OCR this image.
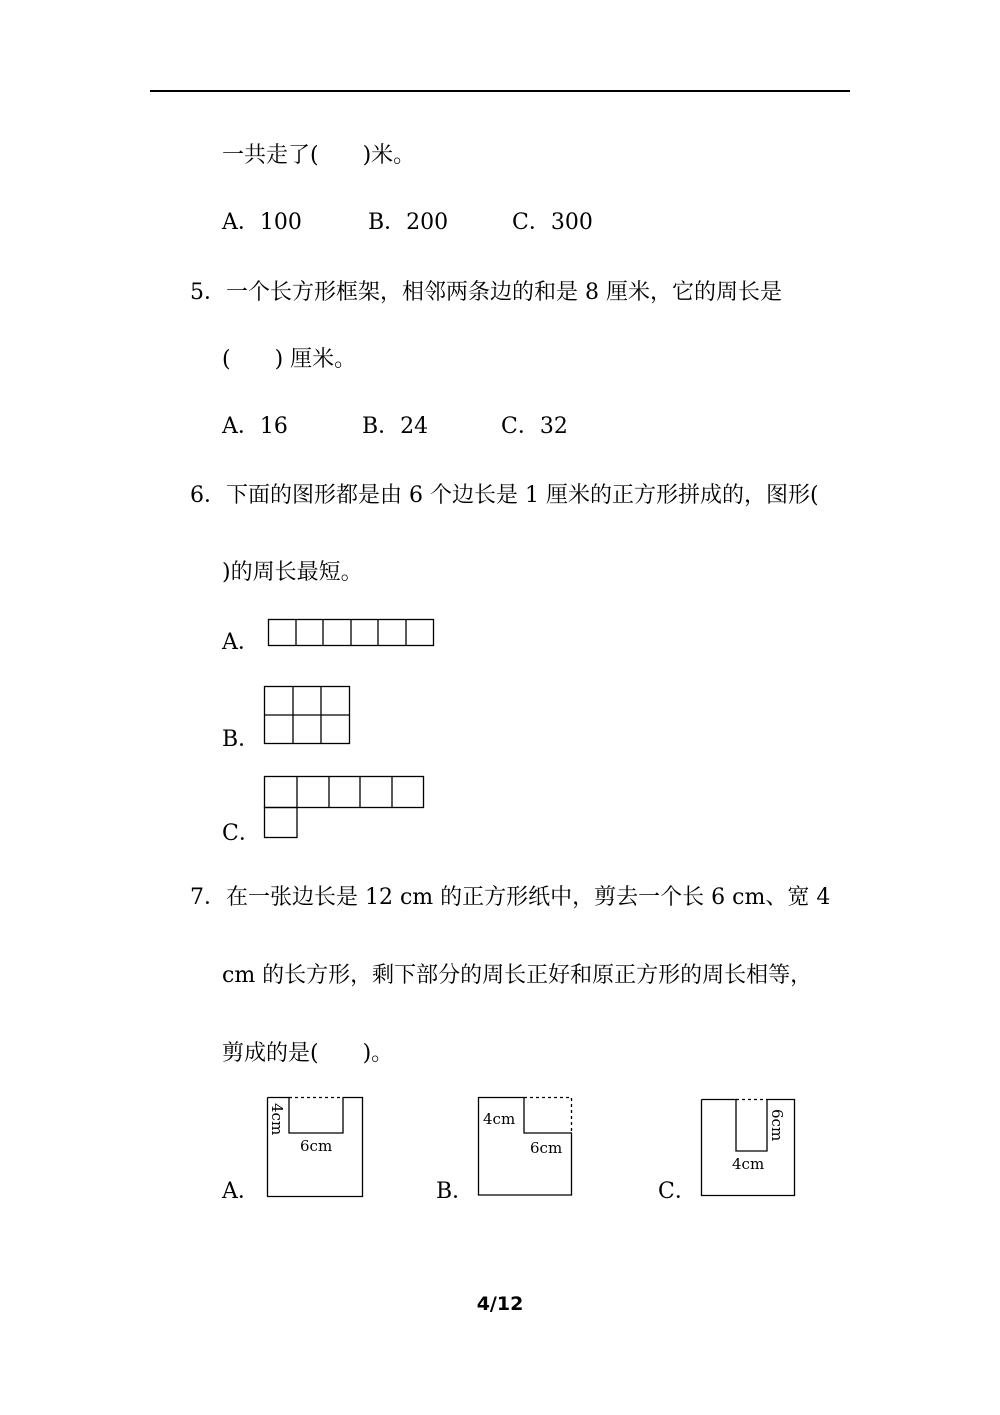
一共走了(　　)米。
A．100	B．200	C．300
5．一个长方形框架，相邻两条边的和是 8 厘米，它的周长是
(　　) 厘米。
A．16	B．24	C．32
6．下面的图形都是由 6 个边长是 1 厘米的正方形拼成的，图形(
)的周长最短。
A．
B．
C．
7．在一张边长是 12 cm 的正方形纸中，剪去一个长 6 cm、宽 4
cm 的长方形，剩下部分的周长正好和原正方形的周长相等，
剪成的是(　　)。
A．
4cm
6cm
B．
4cm
6cm
C．
6cm
4cm
4/12
